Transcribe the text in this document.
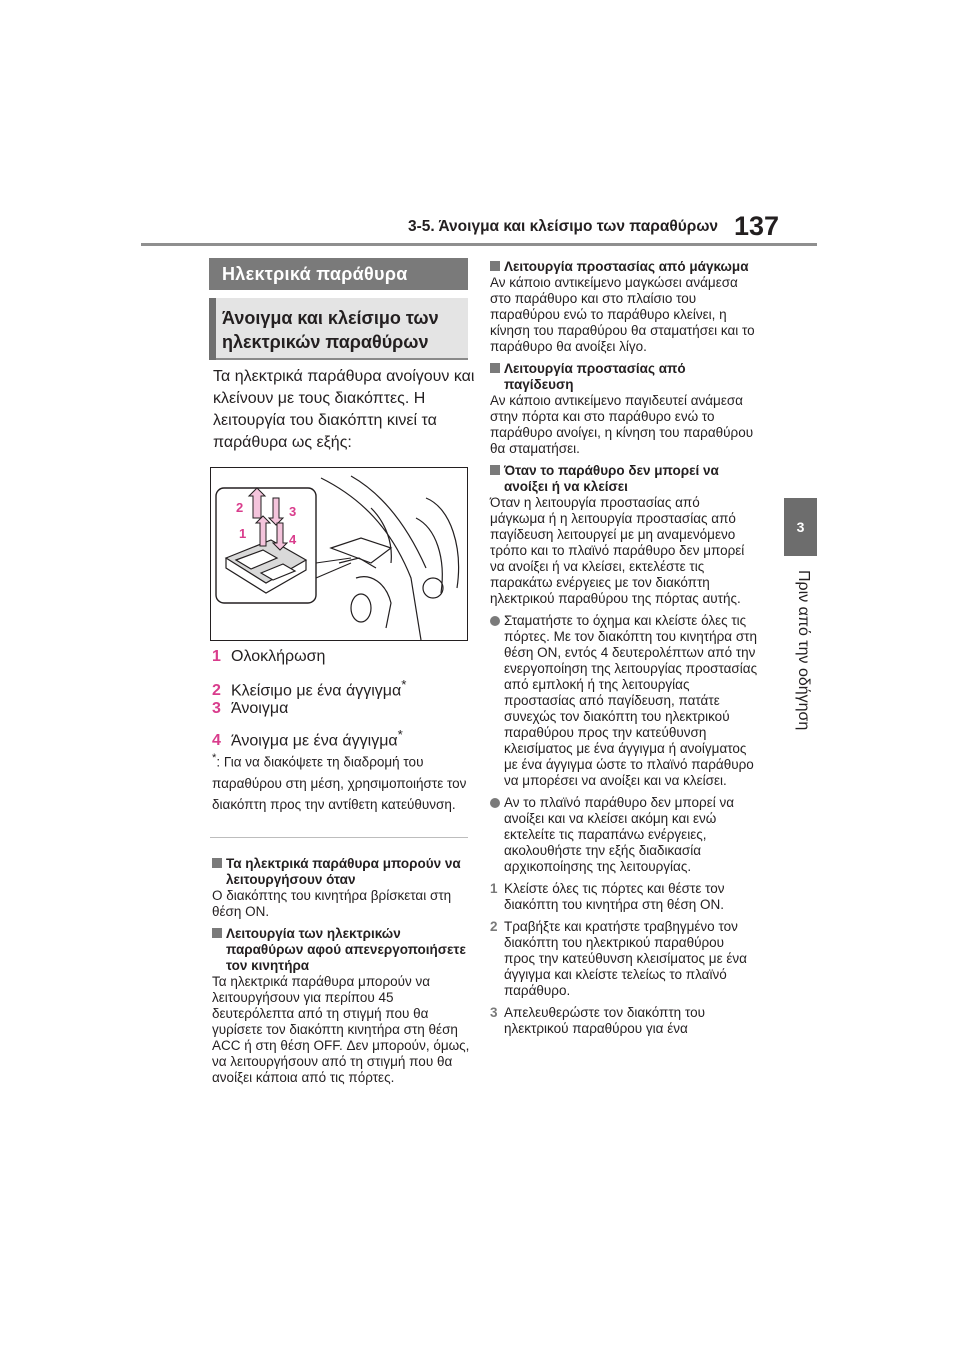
3-5. Άνοιγμα και κλείσιμο των παραθύρων 137
3
Πριν από την οδήγηση
Ηλεκτρικά παράθυρα
Άνοιγμα και κλείσιμο των ηλεκτρικών παραθύρων
Τα ηλεκτρικά παράθυρα ανοίγουν και κλείνουν με τους διακόπτες. Η λειτουργία του διακόπτη κινεί τα παράθυρα ως εξής:
2
1
3
4
1 Ολοκλήρωση
2 Κλείσιμο με ένα άγγιγμα*
3 Άνοιγμα
4 Άνοιγμα με ένα άγγιγμα*
*: Για να διακόψετε τη διαδρομή του παραθύρου στη μέση, χρησιμοποιήστε τον διακόπτη προς την αντίθετη κατεύθυνση.
Τα ηλεκτρικά παράθυρα μπορούν να λειτουργήσουν όταν
Ο διακόπτης του κινητήρα βρίσκεται στη θέση ON.
Λειτουργία των ηλεκτρικών παραθύρων αφού απενεργοποιήσετε τον κινητήρα
Τα ηλεκτρικά παράθυρα μπορούν να λειτουργήσουν για περίπου 45 δευτερόλεπτα από τη στιγμή που θα γυρίσετε τον διακόπτη κινητήρα στη θέση ACC ή στη θέση OFF. Δεν μπορούν, όμως, να λειτουργήσουν από τη στιγμή που θα ανοίξει κάποια από τις πόρτες.
Λειτουργία προστασίας από μάγκωμα
Αν κάποιο αντικείμενο μαγκώσει ανάμεσα στο παράθυρο και στο πλαίσιο του παραθύρου ενώ το παράθυρο κλείνει, η κίνηση του παραθύρου θα σταματήσει και το παράθυρο θα ανοίξει λίγο.
Λειτουργία προστασίας από παγίδευση
Αν κάποιο αντικείμενο παγιδευτεί ανάμεσα στην πόρτα και στο παράθυρο ενώ το παράθυρο ανοίγει, η κίνηση του παραθύρου θα σταματήσει.
Όταν το παράθυρο δεν μπορεί να ανοίξει ή να κλείσει
Όταν η λειτουργία προστασίας από μάγκωμα ή η λειτουργία προστασίας από παγίδευση λειτουργεί με μη αναμενόμενο τρόπο και το πλαϊνό παράθυρο δεν μπορεί να ανοίξει ή να κλείσει, εκτελέστε τις παρακάτω ενέργειες με τον διακόπτη ηλεκτρικού παραθύρου της πόρτας αυτής.
Σταματήστε το όχημα και κλείστε όλες τις πόρτες. Με τον διακόπτη του κινητήρα στη θέση ON, εντός 4 δευτερολέπτων από την ενεργοποίηση της λειτουργίας προστασίας από εμπλοκή ή της λειτουργίας προστασίας από παγίδευση, πατάτε συνεχώς τον διακόπτη του ηλεκτρικού παραθύρου προς την κατεύθυνση κλεισίματος με ένα άγγιγμα ή ανοίγματος με ένα άγγιγμα ώστε το πλαϊνό παράθυρο να μπορέσει να ανοίξει και να κλείσει.
Αν το πλαϊνό παράθυρο δεν μπορεί να ανοίξει και να κλείσει ακόμη και ενώ εκτελείτε τις παραπάνω ενέργειες, ακολουθήστε την εξής διαδικασία αρχικοποίησης της λειτουργίας.
1 Κλείστε όλες τις πόρτες και θέστε τον διακόπτη του κινητήρα στη θέση ON.
2 Τραβήξτε και κρατήστε τραβηγμένο τον διακόπτη του ηλεκτρικού παραθύρου προς την κατεύθυνση κλεισίματος με ένα άγγιγμα και κλείστε τελείως το πλαϊνό παράθυρο.
3 Απελευθερώστε τον διακόπτη του ηλεκτρικού παραθύρου για ένα
